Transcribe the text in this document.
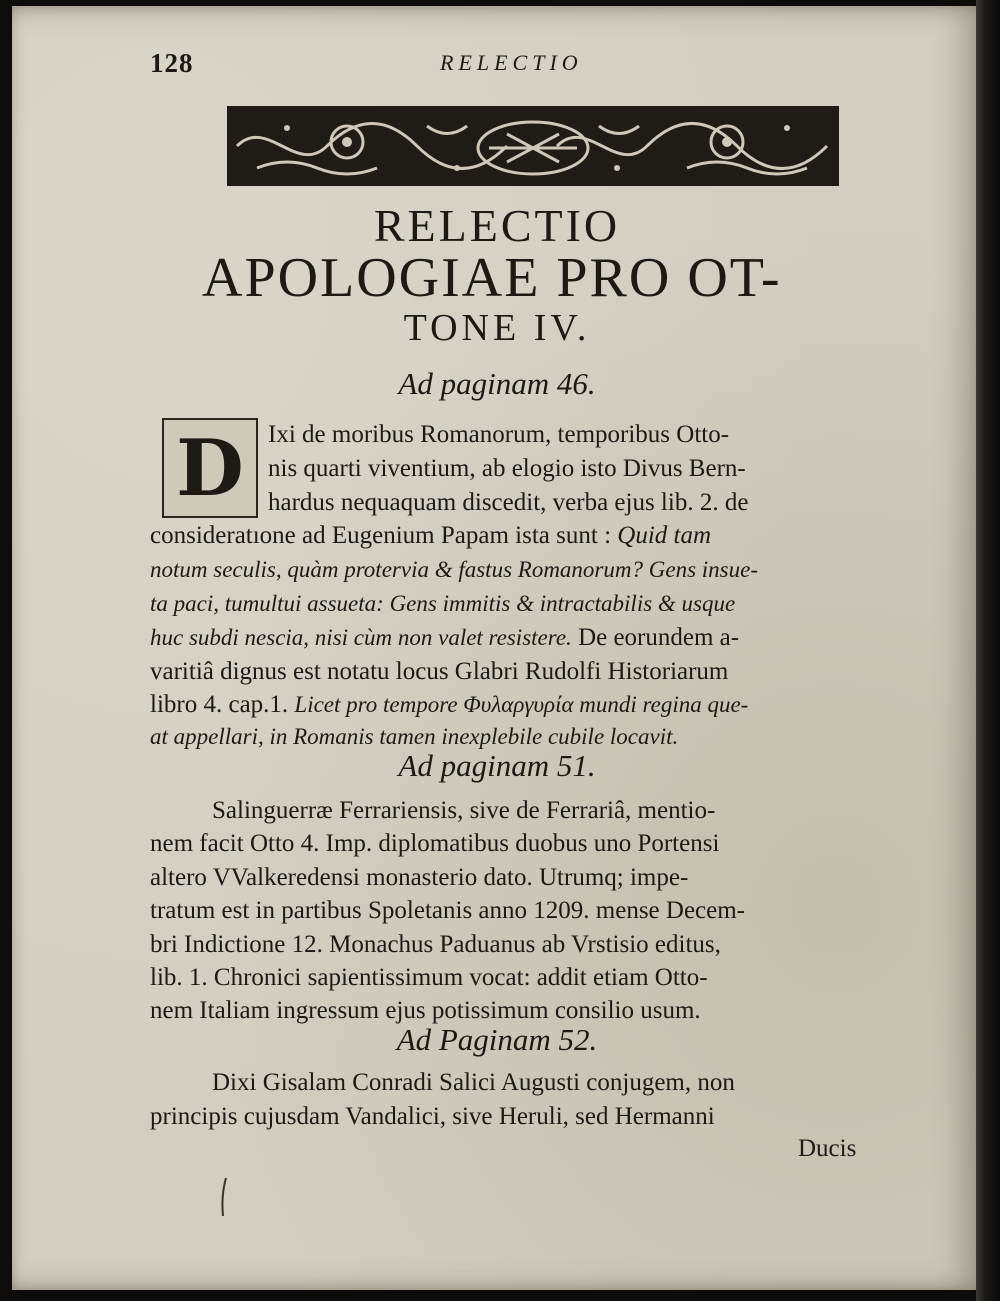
128	RELECTIO
RELECTIO
APOLOGIAE PRO OT-
TONE IV.
Ad paginam 46.
D Ixi de moribus Romanorum, temporibus Otto-
nis quarti viventium, ab elogio isto Divus Bern-
hardus nequaquam discedit, verba ejus lib. 2. de
consideratıone ad Eugenium Papam ista sunt : Quid tam
notum seculis, quàm protervia & fastus Romanorum? Gens insue-
ta paci, tumultui assueta: Gens immitis & intractabilis & usque
huc subdi nescia, nisi cùm non valet resistere. De eorundem a-
varitiâ dignus est notatu locus Glabri Rudolfi Historiarum
libro 4. cap.1. Licet pro tempore Φυλαργυρία mundi regina que-
at appellari, in Romanis tamen inexplebile cubile locavit.
Ad paginam 51.
Salinguerræ Ferrariensis, sive de Ferrariâ, mentio-
nem facit Otto 4. Imp. diplomatibus duobus uno Portensi
altero VValkeredensi monasterio dato. Utrumq; impe-
tratum est in partibus Spoletanis anno 1209. mense Decem-
bri Indictione 12. Monachus Paduanus ab Vrstisio editus,
lib. 1. Chronici sapientissimum vocat: addit etiam Otto-
nem Italiam ingressum ejus potissimum consilio usum.
Ad Paginam 52.
Dixi Gisalam Conradi Salici Augusti conjugem, non
principis cujusdam Vandalici, sive Heruli, sed Hermanni
Ducis
